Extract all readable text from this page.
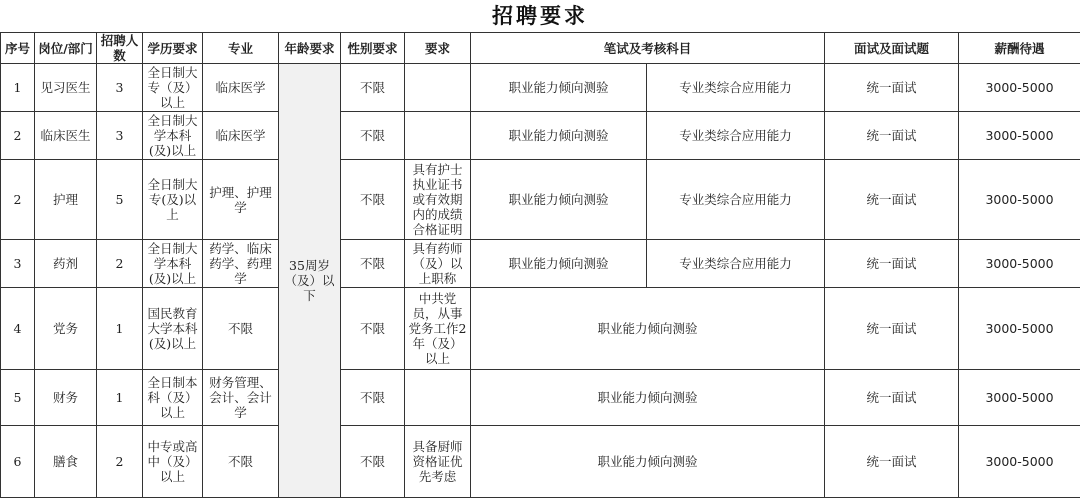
招聘要求
序号	岗位/部门	招聘人数	学历要求	专业	年龄要求	性别要求	要求	笔试及考核科目		面试及面试题	薪酬待遇
1	见习医生	3	全日制大专（及）以上	临床医学	35周岁（及）以下	不限		职业能力倾向测验	专业类综合应用能力	统一面试	3000-5000
2	临床医生	3	全日制大学本科(及)以上	临床医学		不限		职业能力倾向测验	专业类综合应用能力	统一面试	3000-5000
2	护理	5	全日制大专(及)以上	护理、护理学		不限	具有护士执业证书或有效期内的成绩合格证明	职业能力倾向测验	专业类综合应用能力	统一面试	3000-5000
3	药剂	2	全日制大学本科(及)以上	药学、临床药学、药理学		不限	具有药师（及）以上职称	职业能力倾向测验	专业类综合应用能力	统一面试	3000-5000
4	党务	1	国民教育大学本科(及)以上	不限		不限	中共党员，从事党务工作2年（及）以上	职业能力倾向测验		统一面试	3000-5000
5	财务	1	全日制本科（及）以上	财务管理、会计、会计学		不限		职业能力倾向测验		统一面试	3000-5000
6	膳食	2	中专或高中（及）以上	不限		不限	具备厨师资格证优先考虑	职业能力倾向测验		统一面试	3000-5000
